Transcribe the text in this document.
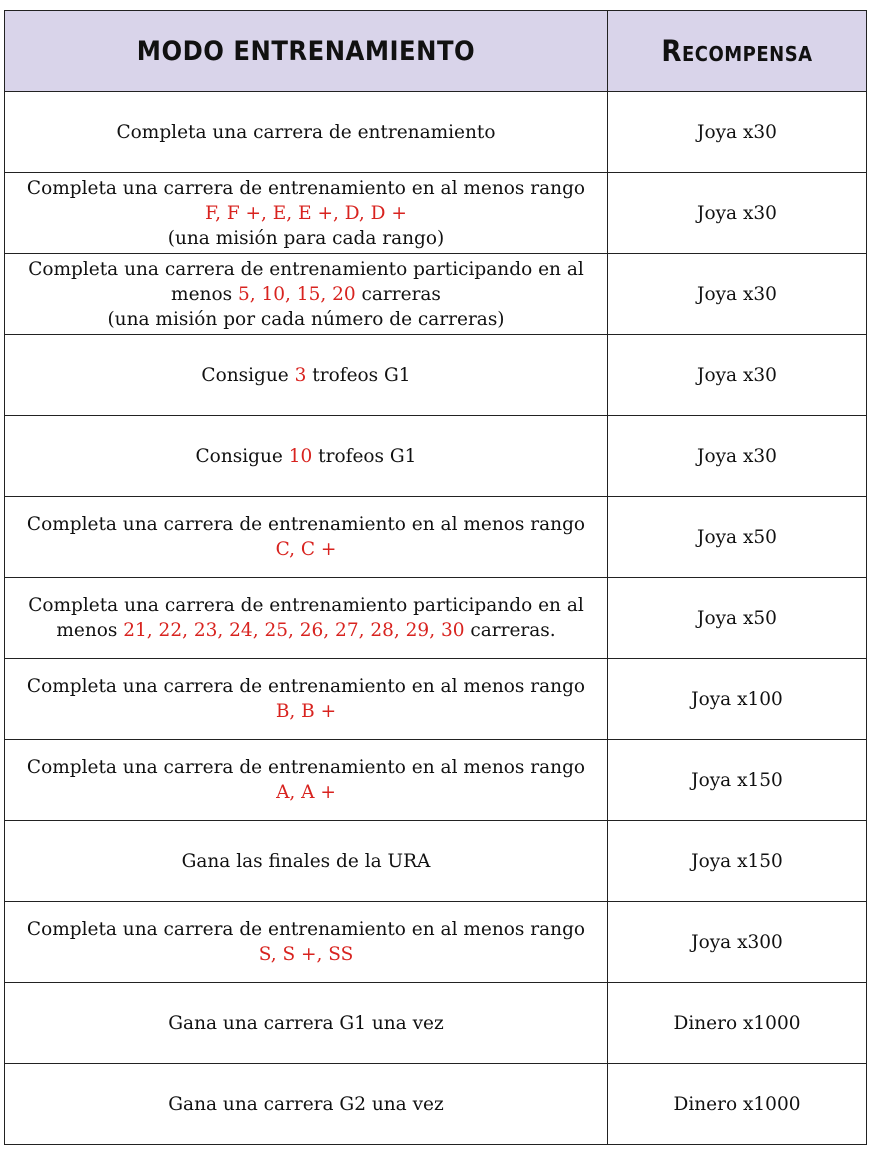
MODO ENTRENAMIENTO	Recompensa

Completa una carrera de entrenamiento	Joya x30

Completa una carrera de entrenamiento en al menos rango
F, F +, E, E +, D, D +
(una misión para cada rango)	Joya x30

Completa una carrera de entrenamiento participando en al
menos 5, 10, 15, 20 carreras
(una misión por cada número de carreras)	Joya x30

Consigue 3 trofeos G1	Joya x30

Consigue 10 trofeos G1	Joya x30

Completa una carrera de entrenamiento en al menos rango
C, C +	Joya x50

Completa una carrera de entrenamiento participando en al
menos 21, 22, 23, 24, 25, 26, 27, 28, 29, 30 carreras.	Joya x50

Completa una carrera de entrenamiento en al menos rango
B, B +	Joya x100

Completa una carrera de entrenamiento en al menos rango
A, A +	Joya x150

Gana las finales de la URA	Joya x150

Completa una carrera de entrenamiento en al menos rango
S, S +, SS	Joya x300

Gana una carrera G1 una vez	Dinero x1000

Gana una carrera G2 una vez	Dinero x1000
